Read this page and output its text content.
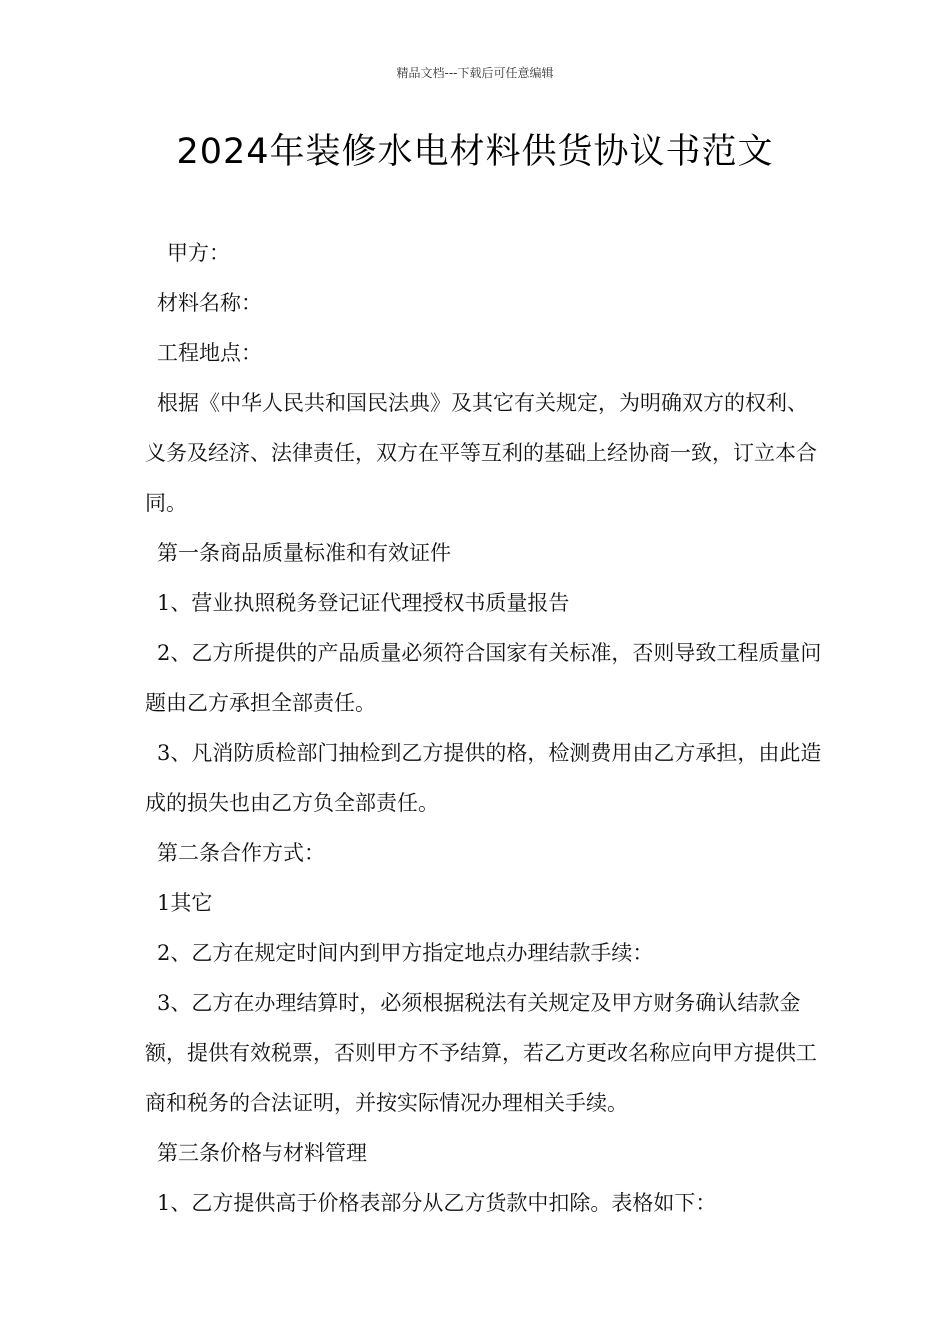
精品文档---下载后可任意编辑
2024年装修水电材料供货协议书范文

甲方：

材料名称：

工程地点：

根据《中华人民共和国民法典》及其它有关规定，为明确双方的权利、义务及经济、法律责任，双方在平等互利的基础上经协商一致，订立本合同。

第一条商品质量标准和有效证件

1、营业执照税务登记证代理授权书质量报告

2、乙方所提供的产品质量必须符合国家有关标准，否则导致工程质量问题由乙方承担全部责任。

3、凡消防质检部门抽检到乙方提供的格，检测费用由乙方承担，由此造成的损失也由乙方负全部责任。

第二条合作方式：

1其它

2、乙方在规定时间内到甲方指定地点办理结款手续：

3、乙方在办理结算时，必须根据税法有关规定及甲方财务确认结款金额，提供有效税票，否则甲方不予结算，若乙方更改名称应向甲方提供工商和税务的合法证明，并按实际情况办理相关手续。

第三条价格与材料管理

1、乙方提供高于价格表部分从乙方货款中扣除。表格如下：
